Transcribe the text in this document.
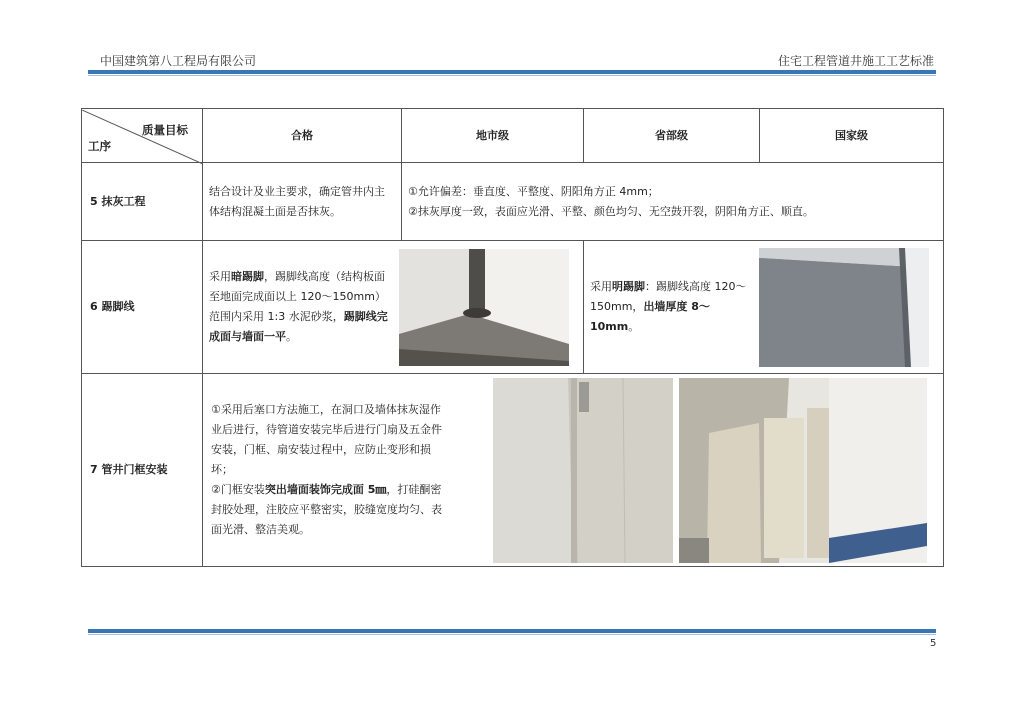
中国建筑第八工程局有限公司	住宅工程管道井施工工艺标准
质量目标
工序	合格	地市级	省部级	国家级
5 抹灰工程	结合设计及业主要求，确定管井内主体结构混凝土面是否抹灰。	①允许偏差：垂直度、平整度、阴阳角方正 4mm；
②抹灰厚度一致，表面应光滑、平整、颜色均匀、无空鼓开裂，阴阳角方正、顺直。		

6 踢脚线	采用暗踢脚，踢脚线高度（结构板面至地面完成面以上 120～150mm）范围内采用 1:3 水泥砂浆，踢脚线完成面与墙面一平。		采用明踢脚：踢脚线高度 120～150mm，出墙厚度 8～10mm。	

7 管井门框安装	①采用后塞口方法施工，在洞口及墙体抹灰湿作业后进行，待管道安装完毕后进行门扇及五金件安装，门框、扇安装过程中，应防止变形和损坏；
②门框安装突出墙面装饰完成面 5㎜，打硅酮密封胶处理，注胶应平整密实，胶缝宽度均匀、表面光滑、整洁美观。			
5
